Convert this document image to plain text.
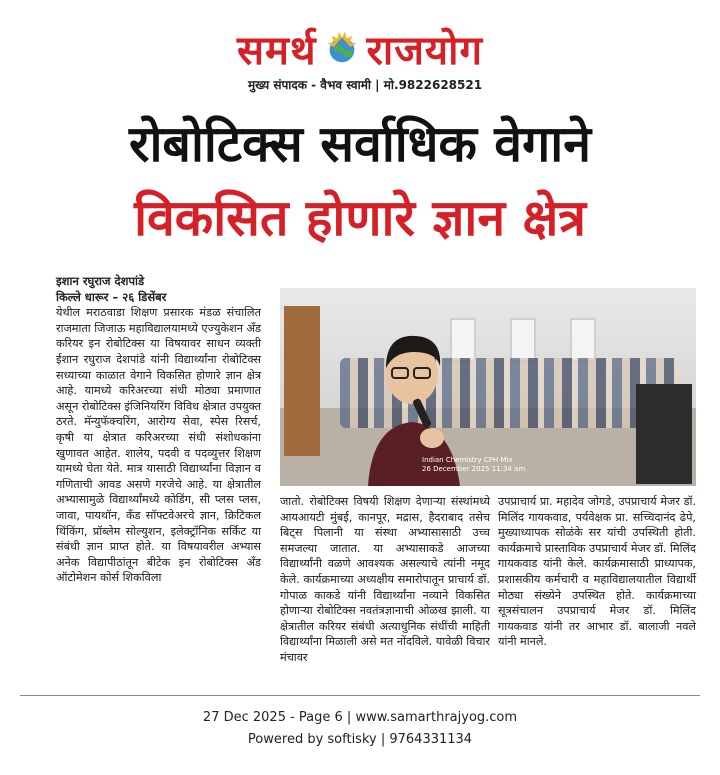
समर्थ राजयोग
मुख्य संपादक - वैभव स्वामी | मो.9822628521
रोबोटिक्स सर्वाधिक वेगाने
विकसित होणारे ज्ञान क्षेत्र

इशान रघुराज देशपांडे

किल्ले धारूर – २६ डिसेंबर

येथील मराठवाडा शिक्षण प्रसारक मंडळ संचालित राजमाता जिजाऊ महाविद्यालयामध्ये एज्युकेशन अँड करियर इन रोबोटिक्स या विषयावर साधन व्यक्ती ईशान रघुराज देशपांडे यांनी विद्यार्थ्यांना रोबोटिक्स सध्याच्या काळात वेगाने विकसित होणारे ज्ञान क्षेत्र आहे. यामध्ये करिअरच्या संधी मोठ्या प्रमाणात असून रोबोटिक्स इंजिनियरिंग विविध क्षेत्रात उपयुक्त ठरते. मॅन्युफॅक्चरिंग, आरोग्य सेवा, स्पेस रिसर्च, कृषी या क्षेत्रात करिअरच्या संधी संशोधकांना खुणावत आहेत. शालेय, पदवी व पदव्युत्तर शिक्षण यामध्ये घेता येते. मात्र यासाठी विद्यार्थ्यांना विज्ञान व गणिताची आवड असणे गरजेचे आहे. या क्षेत्रातील अभ्यासामुळे विद्यार्थ्यांमध्ये कोडिंग, सी प्लस प्लस, जावा, पायथॉन, कँड सॉफ्टवेअरचे ज्ञान, क्रिटिकल थिंकिंग, प्रॉब्लेम सोल्युशन, इलेक्ट्रॉनिक सर्किट या संबंधी ज्ञान प्राप्त होते. या विषयावरील अभ्यास अनेक विद्यापीठांतून बीटेक इन रोबोटिक्स अँड ऑटोमेशन कोर्स शिकविला

Indian Chemistry CPH Mix
26 December 2025 11:34 am

जातो. रोबोटिक्स विषयी शिक्षण देणाऱ्या संस्थांमध्ये आयआयटी मुंबई, कानपूर, मद्रास, हैदराबाद तसेच बिट्स पिलानी या संस्था अभ्यासासाठी उच्च समजल्या जातात. या अभ्यासाकडे आजच्या विद्यार्थ्यांनी वळणे आवश्यक असल्याचे त्यांनी नमूद केले. कार्यक्रमाच्या अध्यक्षीय समारोपातून प्राचार्य डॉ. गोपाळ काकडे यांनी विद्यार्थ्यांना नव्याने विकसित होणाऱ्या रोबोटिक्स नवतंत्रज्ञानाची ओळख झाली. या क्षेत्रातील करियर संबंधी अत्याधुनिक संधींची माहिती विद्यार्थ्यांना मिळाली असे मत नोंदविले. यावेळी विचार मंचावर

उपप्राचार्य प्रा. महादेव जोगडे, उपप्राचार्य मेजर डॉ. मिलिंद गायकवाड, पर्यवेक्षक प्रा. सच्चिदानंद ढेपे, मुख्याध्यापक सोळंके सर यांची उपस्थिती होती. कार्यक्रमाचे प्रास्ताविक उपप्राचार्य मेजर डॉ. मिलिंद गायकवाड यांनी केले. कार्यक्रमासाठी प्राध्यापक, प्रशासकीय कर्मचारी व महाविद्यालयातील विद्यार्थी मोठ्या संख्येने उपस्थित होते. कार्यक्रमाच्या सूत्रसंचालन उपप्राचार्य मेजर डॉ. मिलिंद गायकवाड यांनी तर आभार डॉ. बालाजी नवले यांनी मानले.

27 Dec 2025 - Page 6 | www.samarthrajyog.com
Powered by softisky | 9764331134
